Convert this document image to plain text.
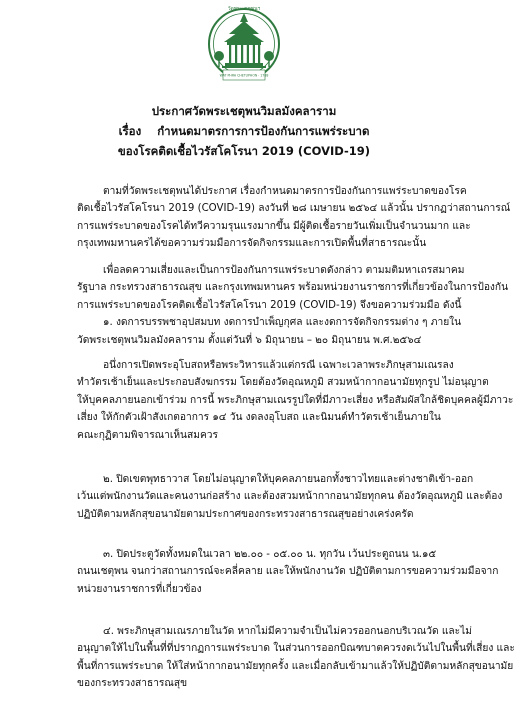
วัดพระเชตุพนฯ
WAT PHRA CHETUPHON · 1788
ประกาศวัดพระเชตุพนวิมลมังคลาราม
เรื่อง กำหนดมาตรการการป้องกันการแพร่ระบาด
ของโรคติดเชื้อไวรัสโคโรนา 2019 (COVID-19)
ตามที่วัดพระเชตุพนได้ประกาศ เรื่องกำหนดมาตรการป้องกันการแพร่ระบาดของโรค
ติดเชื้อไวรัสโคโรนา 2019 (COVID-19) ลงวันที่ ๒๘ เมษายน ๒๕๖๔ แล้วนั้น ปรากฏว่าสถานการณ์
การแพร่ระบาดของโรคได้ทวีความรุนแรงมากขึ้น มีผู้ติดเชื้อรายวันเพิ่มเป็นจำนวนมาก และ
กรุงเทพมหานครได้ขอความร่วมมือการจัดกิจกรรมและการเปิดพื้นที่สาธารณะนั้น
เพื่อลดความเสี่ยงและเป็นการป้องกันการแพร่ระบาดดังกล่าว ตามมติมหาเถรสมาคม
รัฐบาล กระทรวงสาธารณสุข และกรุงเทพมหานคร พร้อมหน่วยงานราชการที่เกี่ยวข้องในการป้องกัน
การแพร่ระบาดของโรคติดเชื้อไวรัสโคโรนา 2019 (COVID-19) จึงขอความร่วมมือ ดังนี้
๑. งดการบรรพชาอุปสมบท งดการบำเพ็ญกุศล และงดการจัดกิจกรรมต่าง ๆ ภายใน
วัดพระเชตุพนวิมลมังคลาราม ตั้งแต่วันที่ ๖ มิถุนายน – ๒๐ มิถุนายน พ.ศ.๒๕๖๔
อนึ่งการเปิดพระอุโบสถหรือพระวิหารแล้วแต่กรณี เฉพาะเวลาพระภิกษุสามเณรลง
ทำวัตรเช้าเย็นและประกอบสังฆกรรม โดยต้องวัดอุณหภูมิ สวมหน้ากากอนามัยทุกรูป ไม่อนุญาต
ให้บุคคลภายนอกเข้าร่วม การนี้ พระภิกษุสามเณรรูปใดที่มีภาวะเสี่ยง หรือสัมผัสใกล้ชิดบุคคลผู้มีภาวะ
เสี่ยง ให้กักตัวเฝ้าสังเกตอาการ ๑๔ วัน งดลงอุโบสถ และนิมนต์ทำวัตรเช้าเย็นภายใน
คณะกุฏิตามพิจารณาเห็นสมควร
๒. ปิดเขตพุทธาวาส โดยไม่อนุญาตให้บุคคลภายนอกทั้งชาวไทยและต่างชาติเข้า-ออก
เว้นแต่พนักงานวัดและคนงานก่อสร้าง และต้องสวมหน้ากากอนามัยทุกคน ต้องวัดอุณหภูมิ และต้อง
ปฏิบัติตามหลักสุขอนามัยตามประกาศของกระทรวงสาธารณสุขอย่างเคร่งครัด
๓. ปิดประตูวัดทั้งหมดในเวลา ๒๒.๐๐ - ๐๕.๐๐ น. ทุกวัน เว้นประตูถนน น.๑๕
ถนนเชตุพน จนกว่าสถานการณ์จะคลี่คลาย และให้พนักงานวัด ปฏิบัติตามการขอความร่วมมือจาก
หน่วยงานราชการที่เกี่ยวข้อง
๔. พระภิกษุสามเณรภายในวัด หากไม่มีความจำเป็นไม่ควรออกนอกบริเวณวัด และไม่
อนุญาตให้ไปในพื้นที่ที่ปรากฏการแพร่ระบาด ในส่วนการออกบิณฑบาตควรงดเว้นไปในพื้นที่เสี่ยง และ
พื้นที่การแพร่ระบาด ให้ใส่หน้ากากอนามัยทุกครั้ง และเมื่อกลับเข้ามาแล้วให้ปฏิบัติตามหลักสุขอนามัย
ของกระทรวงสาธารณสุข
